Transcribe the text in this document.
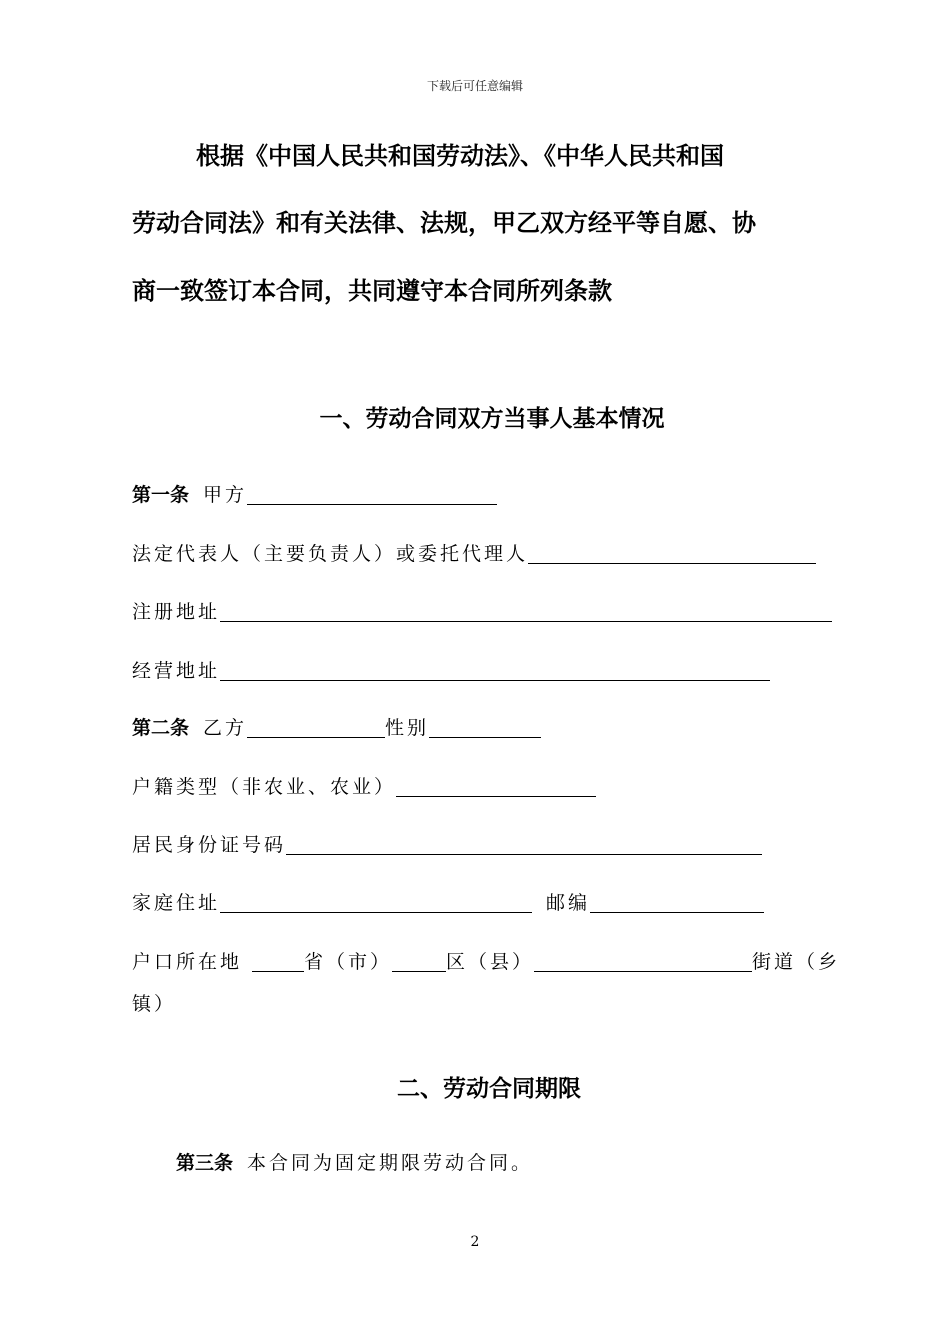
下载后可任意编辑
根据《中国人民共和国劳动法》、《中华人民共和国
劳动合同法》和有关法律、法规，甲乙双方经平等自愿、协
商一致签订本合同，共同遵守本合同所列条款
一、劳动合同双方当事人基本情况
第一条 甲方
法定代表人（主要负责人）或委托代理人
注册地址
经营地址
第二条 乙方	性别
户籍类型（非农业、农业）
居民身份证号码
家庭住址	邮编
户口所在地	省（市）	区（县）	街道（乡
镇）
二、劳动合同期限
第三条 本合同为固定期限劳动合同。
2
